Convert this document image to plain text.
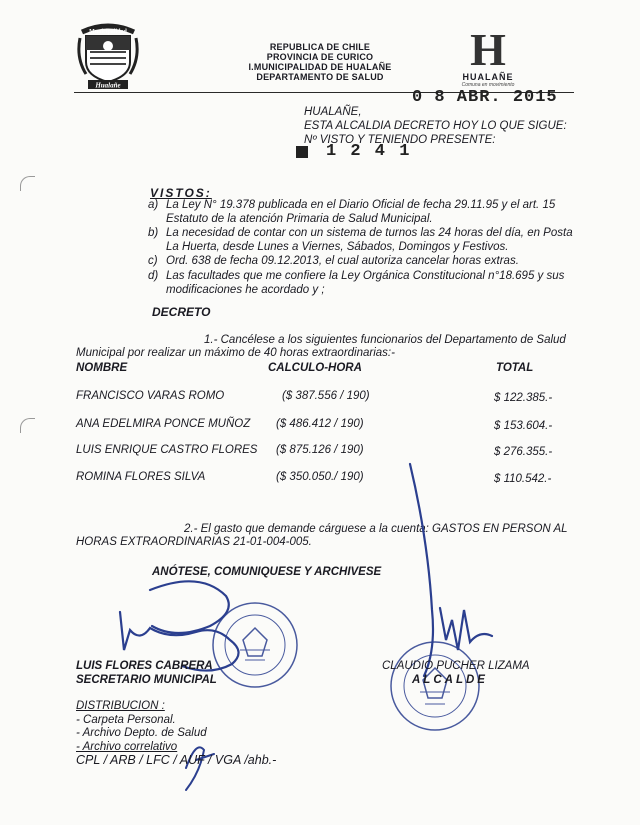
Municipalidad
Hualañe
REPUBLICA DE CHILE
PROVINCIA DE CURICO
I.MUNICIPALIDAD DE HUALAÑE
DEPARTAMENTO DE SALUD
H
HUALAÑE
Comuna en movimiento
0 8 ABR. 2015
HUALAÑE,
ESTA ALCALDIA DECRETO HOY LO QUE SIGUE:
Nº VISTO Y TENIENDO PRESENTE:
1 2 4 1
VISTOS:
a) La Ley N° 19.378 publicada en el Diario Oficial de fecha 29.11.95 y el art. 15 Estatuto de la atención Primaria de Salud Municipal.
b) La necesidad de contar con un sistema de turnos las 24 horas del día, en Posta La Huerta, desde Lunes a Viernes, Sábados, Domingos y Festivos.
c) Ord. 638 de fecha 09.12.2013, el cual autoriza cancelar horas extras.
d) Las facultades que me confiere la Ley Orgánica Constitucional n°18.695 y sus modificaciones he acordado y ;
DECRETO
1.- Cancélese a los siguientes funcionarios del Departamento de Salud
Municipal por realizar un máximo de 40 horas extraordinarias:-
NOMBRE	CALCULO-HORA	TOTAL
FRANCISCO VARAS ROMO	($ 387.556 / 190)	$ 122.385.-
ANA EDELMIRA PONCE MUÑOZ ($ 486.412 / 190)	$ 153.604.-
LUIS ENRIQUE CASTRO FLORES ($ 875.126 / 190)	$ 276.355.-
ROMINA FLORES SILVA	($ 350.050./ 190)	$ 110.542.-
2.- El gasto que demande cárguese a la cuenta: GASTOS EN PERSON AL
HORAS EXTRAORDINARIAS 21-01-004-005.
ANÓTESE, COMUNIQUESE Y ARCHIVESE
LUIS FLORES CABRERA
SECRETARIO MUNICIPAL
CLAUDIO PUCHER LIZAMA
ALCALDE
DISTRIBUCION :
- Carpeta Personal.
- Archivo Depto. de Salud
- Archivo correlativo
CPL / ARB / LFC / AUF / VGA /ahb.-
